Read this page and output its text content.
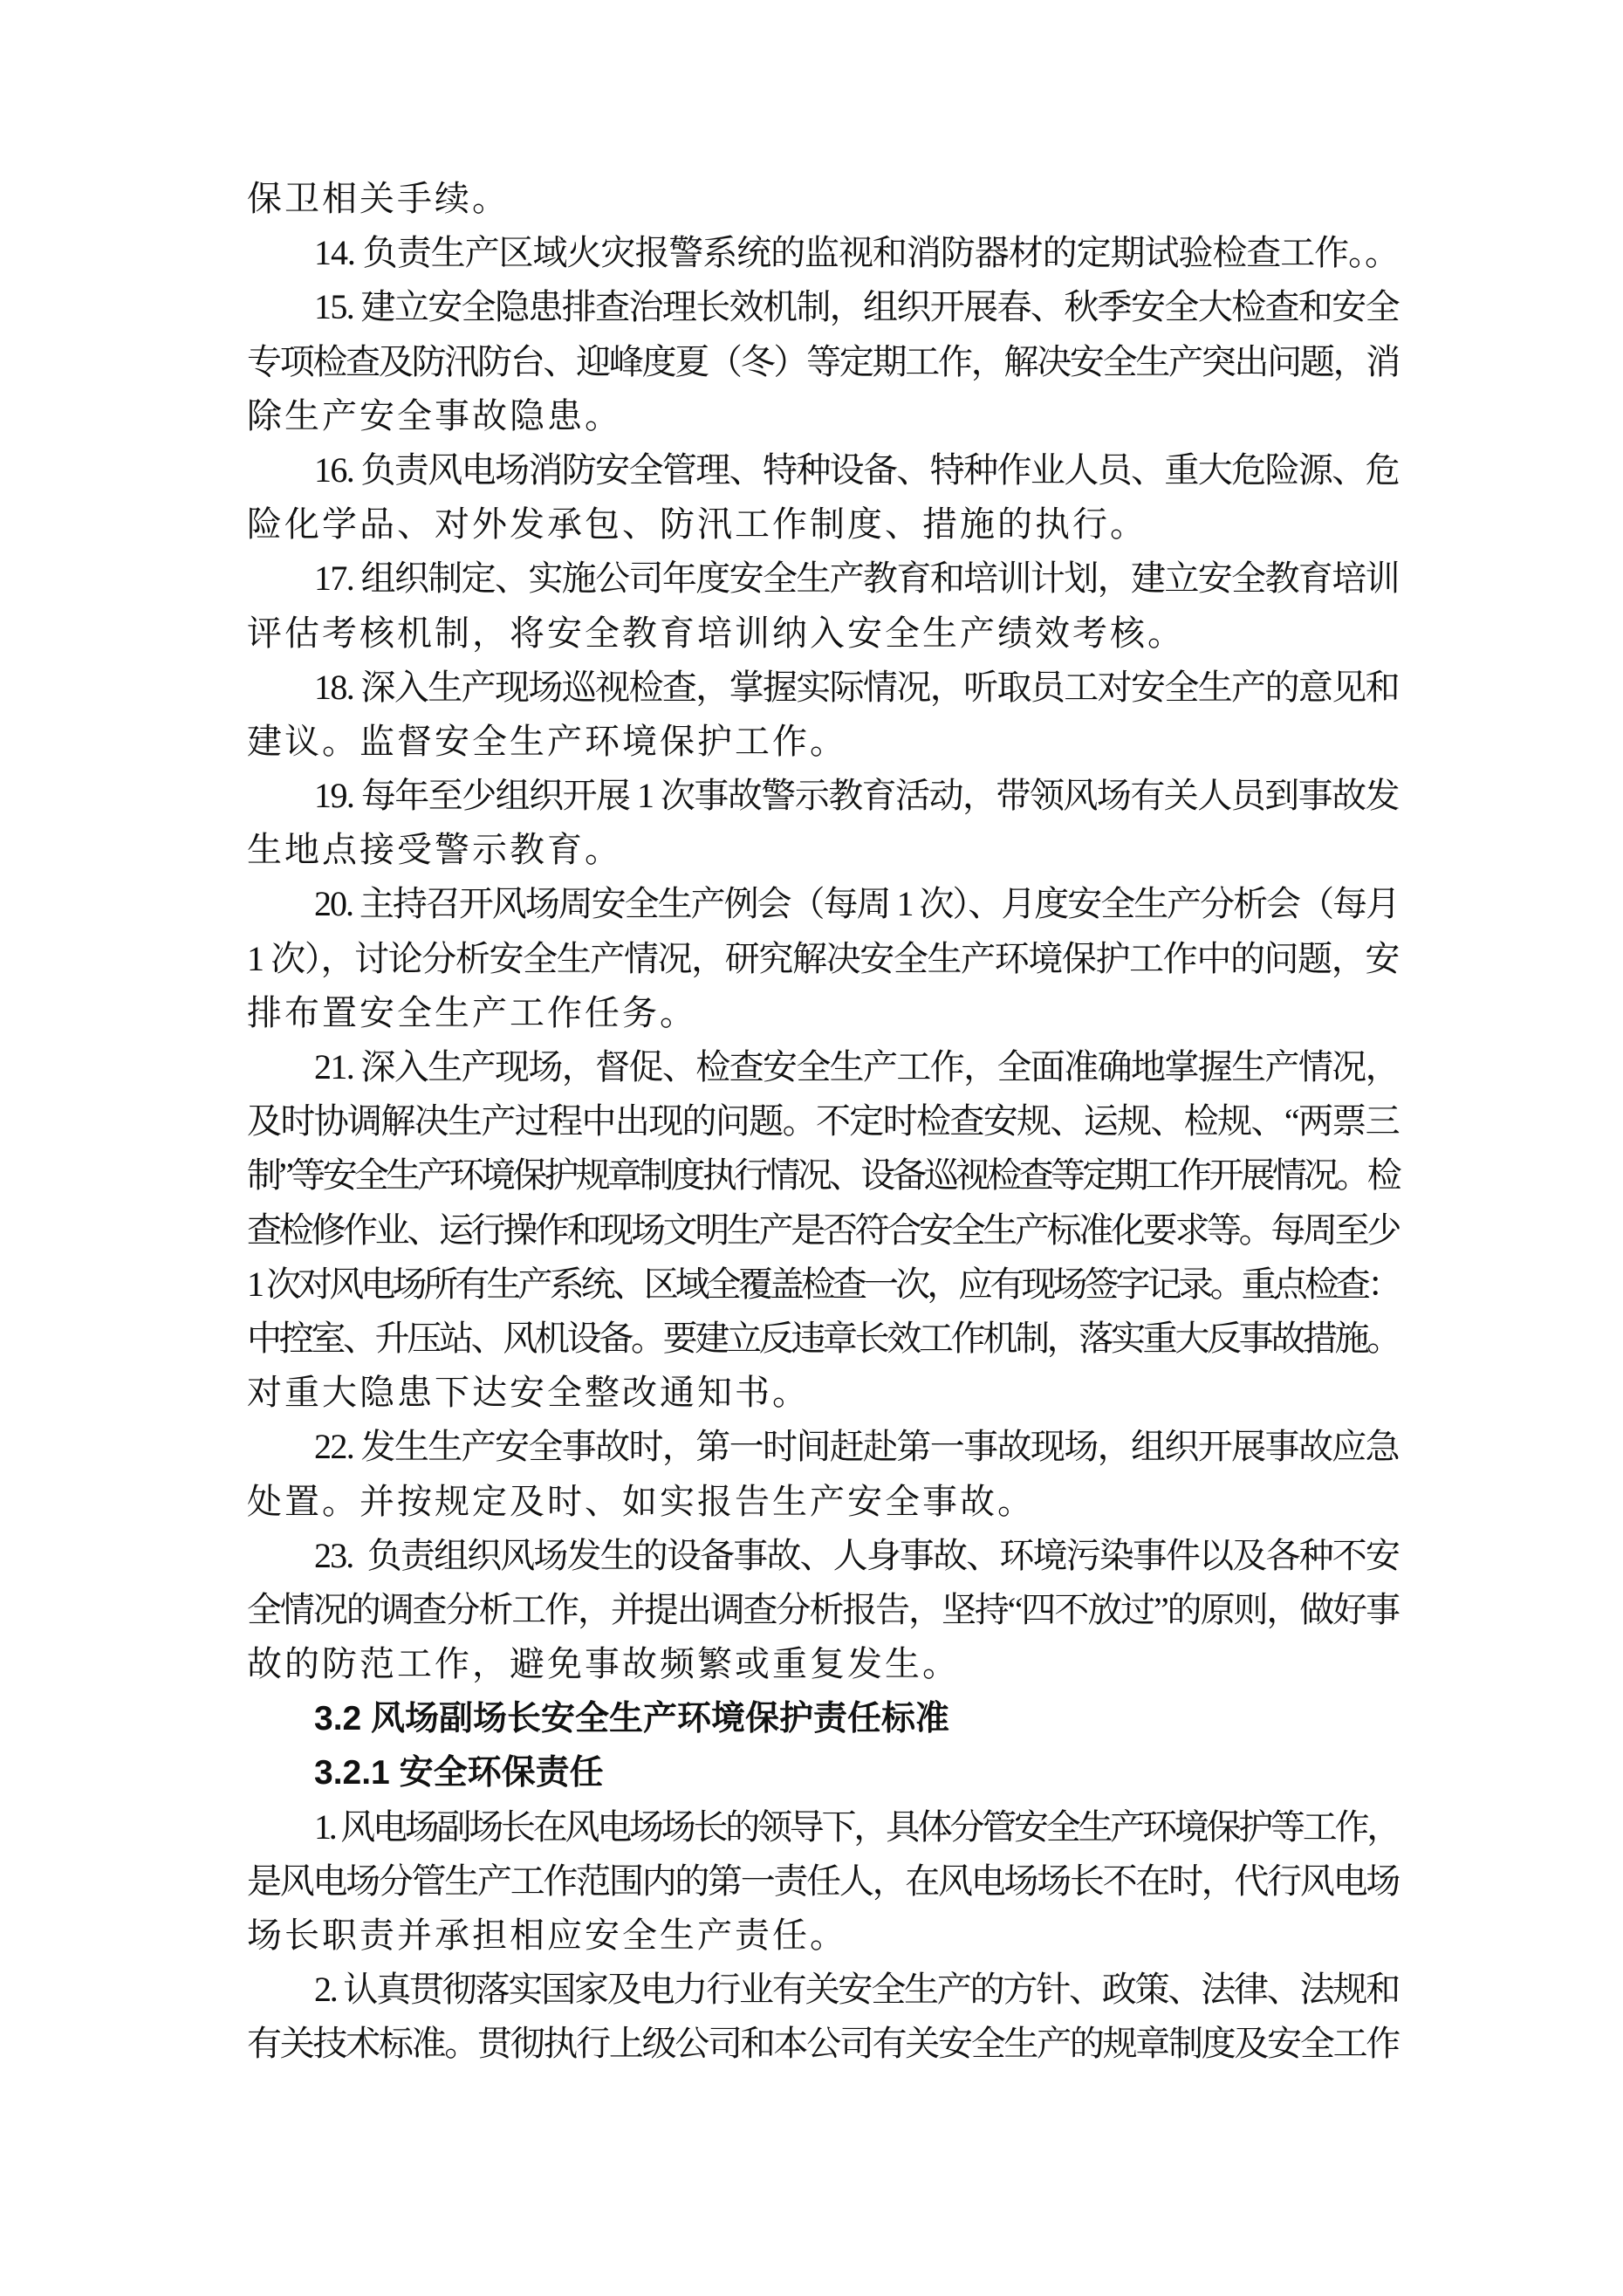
保卫相关手续。
14. 负责生产区域火灾报警系统的监视和消防器材的定期试验检查工作。。
15. 建立安全隐患排查治理长效机制，组织开展春、秋季安全大检查和安全
专项检查及防汛防台、迎峰度夏（冬）等定期工作，解决安全生产突出问题，消
除生产安全事故隐患。
16. 负责风电场消防安全管理、特种设备、特种作业人员、重大危险源、危
险化学品、对外发承包、防汛工作制度、措施的执行。
17. 组织制定、实施公司年度安全生产教育和培训计划，建立安全教育培训
评估考核机制，将安全教育培训纳入安全生产绩效考核。
18. 深入生产现场巡视检查，掌握实际情况，听取员工对安全生产的意见和
建议。监督安全生产环境保护工作。
19. 每年至少组织开展 1 次事故警示教育活动，带领风场有关人员到事故发
生地点接受警示教育。
20. 主持召开风场周安全生产例会（每周 1 次）、月度安全生产分析会（每月
1 次），讨论分析安全生产情况，研究解决安全生产环境保护工作中的问题，安
排布置安全生产工作任务。
21. 深入生产现场，督促、检查安全生产工作，全面准确地掌握生产情况，
及时协调解决生产过程中出现的问题。不定时检查安规、运规、检规、“两票三
制”等安全生产环境保护规章制度执行情况、设备巡视检查等定期工作开展情况。检
查检修作业、运行操作和现场文明生产是否符合安全生产标准化要求等。每周至少
1 次对风电场所有生产系统、区域全覆盖检查一次，应有现场签字记录。重点检查：
中控室、升压站、风机设备。要建立反违章长效工作机制，落实重大反事故措施。
对重大隐患下达安全整改通知书。
22. 发生生产安全事故时，第一时间赶赴第一事故现场，组织开展事故应急
处置。并按规定及时、如实报告生产安全事故。
23.  负责组织风场发生的设备事故、人身事故、环境污染事件以及各种不安
全情况的调查分析工作，并提出调查分析报告，坚持“四不放过”的原则，做好事
故的防范工作，避免事故频繁或重复发生。
3.2 风场副场长安全生产环境保护责任标准
3.2.1 安全环保责任
1. 风电场副场长在风电场场长的领导下，具体分管安全生产环境保护等工作，
是风电场分管生产工作范围内的第一责任人，在风电场场长不在时，代行风电场
场长职责并承担相应安全生产责任。
2. 认真贯彻落实国家及电力行业有关安全生产的方针、政策、法律、法规和
有关技术标准。贯彻执行上级公司和本公司有关安全生产的规章制度及安全工作
